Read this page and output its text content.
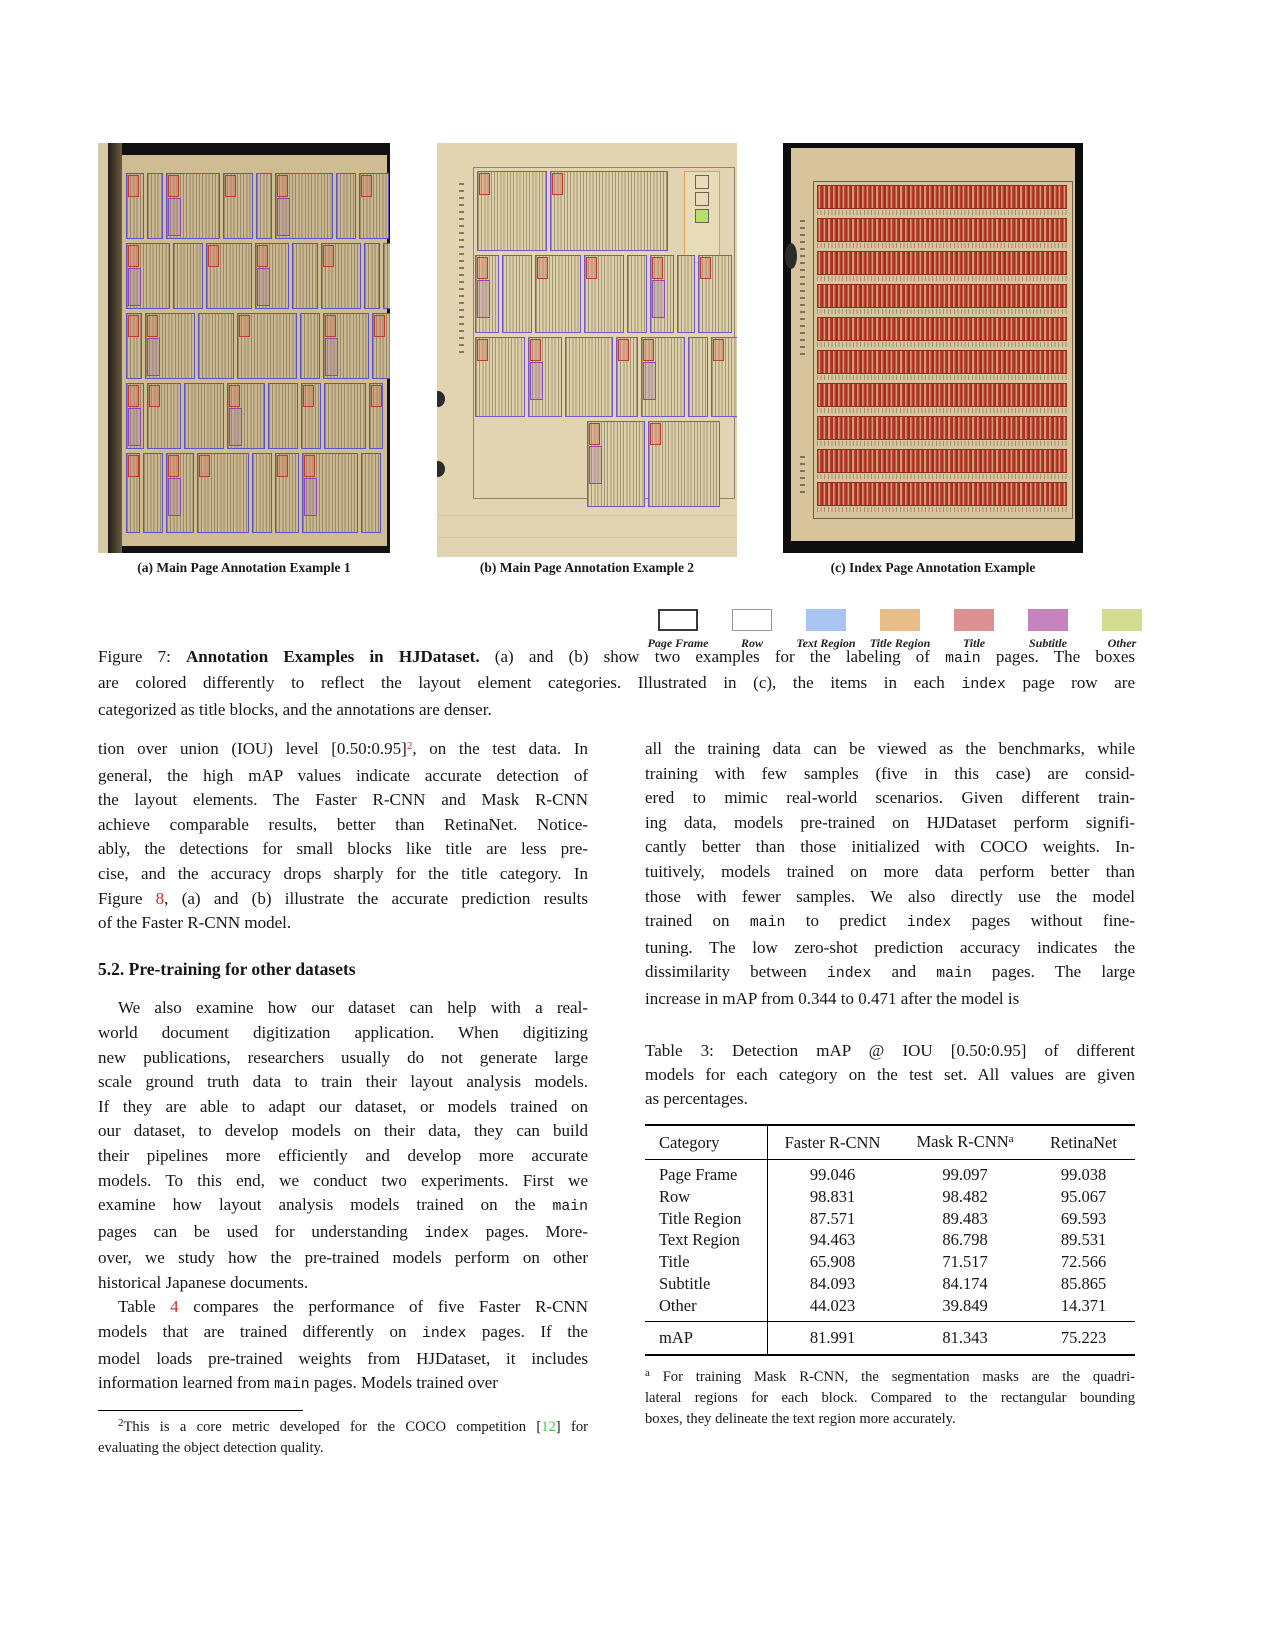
(a) Main Page Annotation Example 1	(b) Main Page Annotation Example 2	(c) Index Page Annotation Example
Page Frame	Row	Text Region Title Region	Title	Subtitle	Other
Figure 7: Annotation Examples in HJDataset. (a) and (b) show two examples for the labeling of main pages. The boxes
are colored differently to reflect the layout element categories. Illustrated in (c), the items in each index page row are
categorized as title blocks, and the annotations are denser.
tion over union (IOU) level [0.50:0.95]$^2$, on the test data. In
general, the high mAP values indicate accurate detection of
the layout elements. The Faster R-CNN and Mask R-CNN
achieve comparable results, better than RetinaNet. Notice-
ably, the detections for small blocks like title are less pre-
cise, and the accuracy drops sharply for the title category. In
Figure 8, (a) and (b) illustrate the accurate prediction results
of the Faster R-CNN model.
5.2. Pre-training for other datasets
We also examine how our dataset can help with a real-
world document digitization application. When digitizing
new publications, researchers usually do not generate large
scale ground truth data to train their layout analysis models.
If they are able to adapt our dataset, or models trained on
our dataset, to develop models on their data, they can build
their pipelines more efficiently and develop more accurate
models. To this end, we conduct two experiments. First we
examine how layout analysis models trained on the main
pages can be used for understanding index pages. More-
over, we study how the pre-trained models perform on other
historical Japanese documents.
Table 4 compares the performance of five Faster R-CNN
models that are trained differently on index pages. If the
model loads pre-trained weights from HJDataset, it includes
information learned from main pages. Models trained over
$^2$This is a core metric developed for the COCO competition [12] for
evaluating the object detection quality.
all the training data can be viewed as the benchmarks, while
training with few samples (five in this case) are consid-
ered to mimic real-world scenarios. Given different train-
ing data, models pre-trained on HJDataset perform signifi-
cantly better than those initialized with COCO weights. In-
tuitively, models trained on more data perform better than
those with fewer samples. We also directly use the model
trained on main to predict index pages without fine-
tuning. The low zero-shot prediction accuracy indicates the
dissimilarity between index and main pages. The large
increase in mAP from 0.344 to 0.471 after the model is
Table 3: Detection mAP @ IOU [0.50:0.95] of different
models for each category on the test set. All values are given
as percentages.
Category	Faster R-CNN	Mask R-CNN$^a$	RetinaNet
Page Frame	99.046	99.097	99.038
Row	98.831	98.482	95.067
Title Region	87.571	89.483	69.593
Text Region	94.463	86.798	89.531
Title	65.908	71.517	72.566
Subtitle	84.093	84.174	85.865
Other	44.023	39.849	14.371
mAP	81.991	81.343	75.223
$^a$ For training Mask R-CNN, the segmentation masks are the quadri-
lateral regions for each block. Compared to the rectangular bounding
boxes, they delineate the text region more accurately.
